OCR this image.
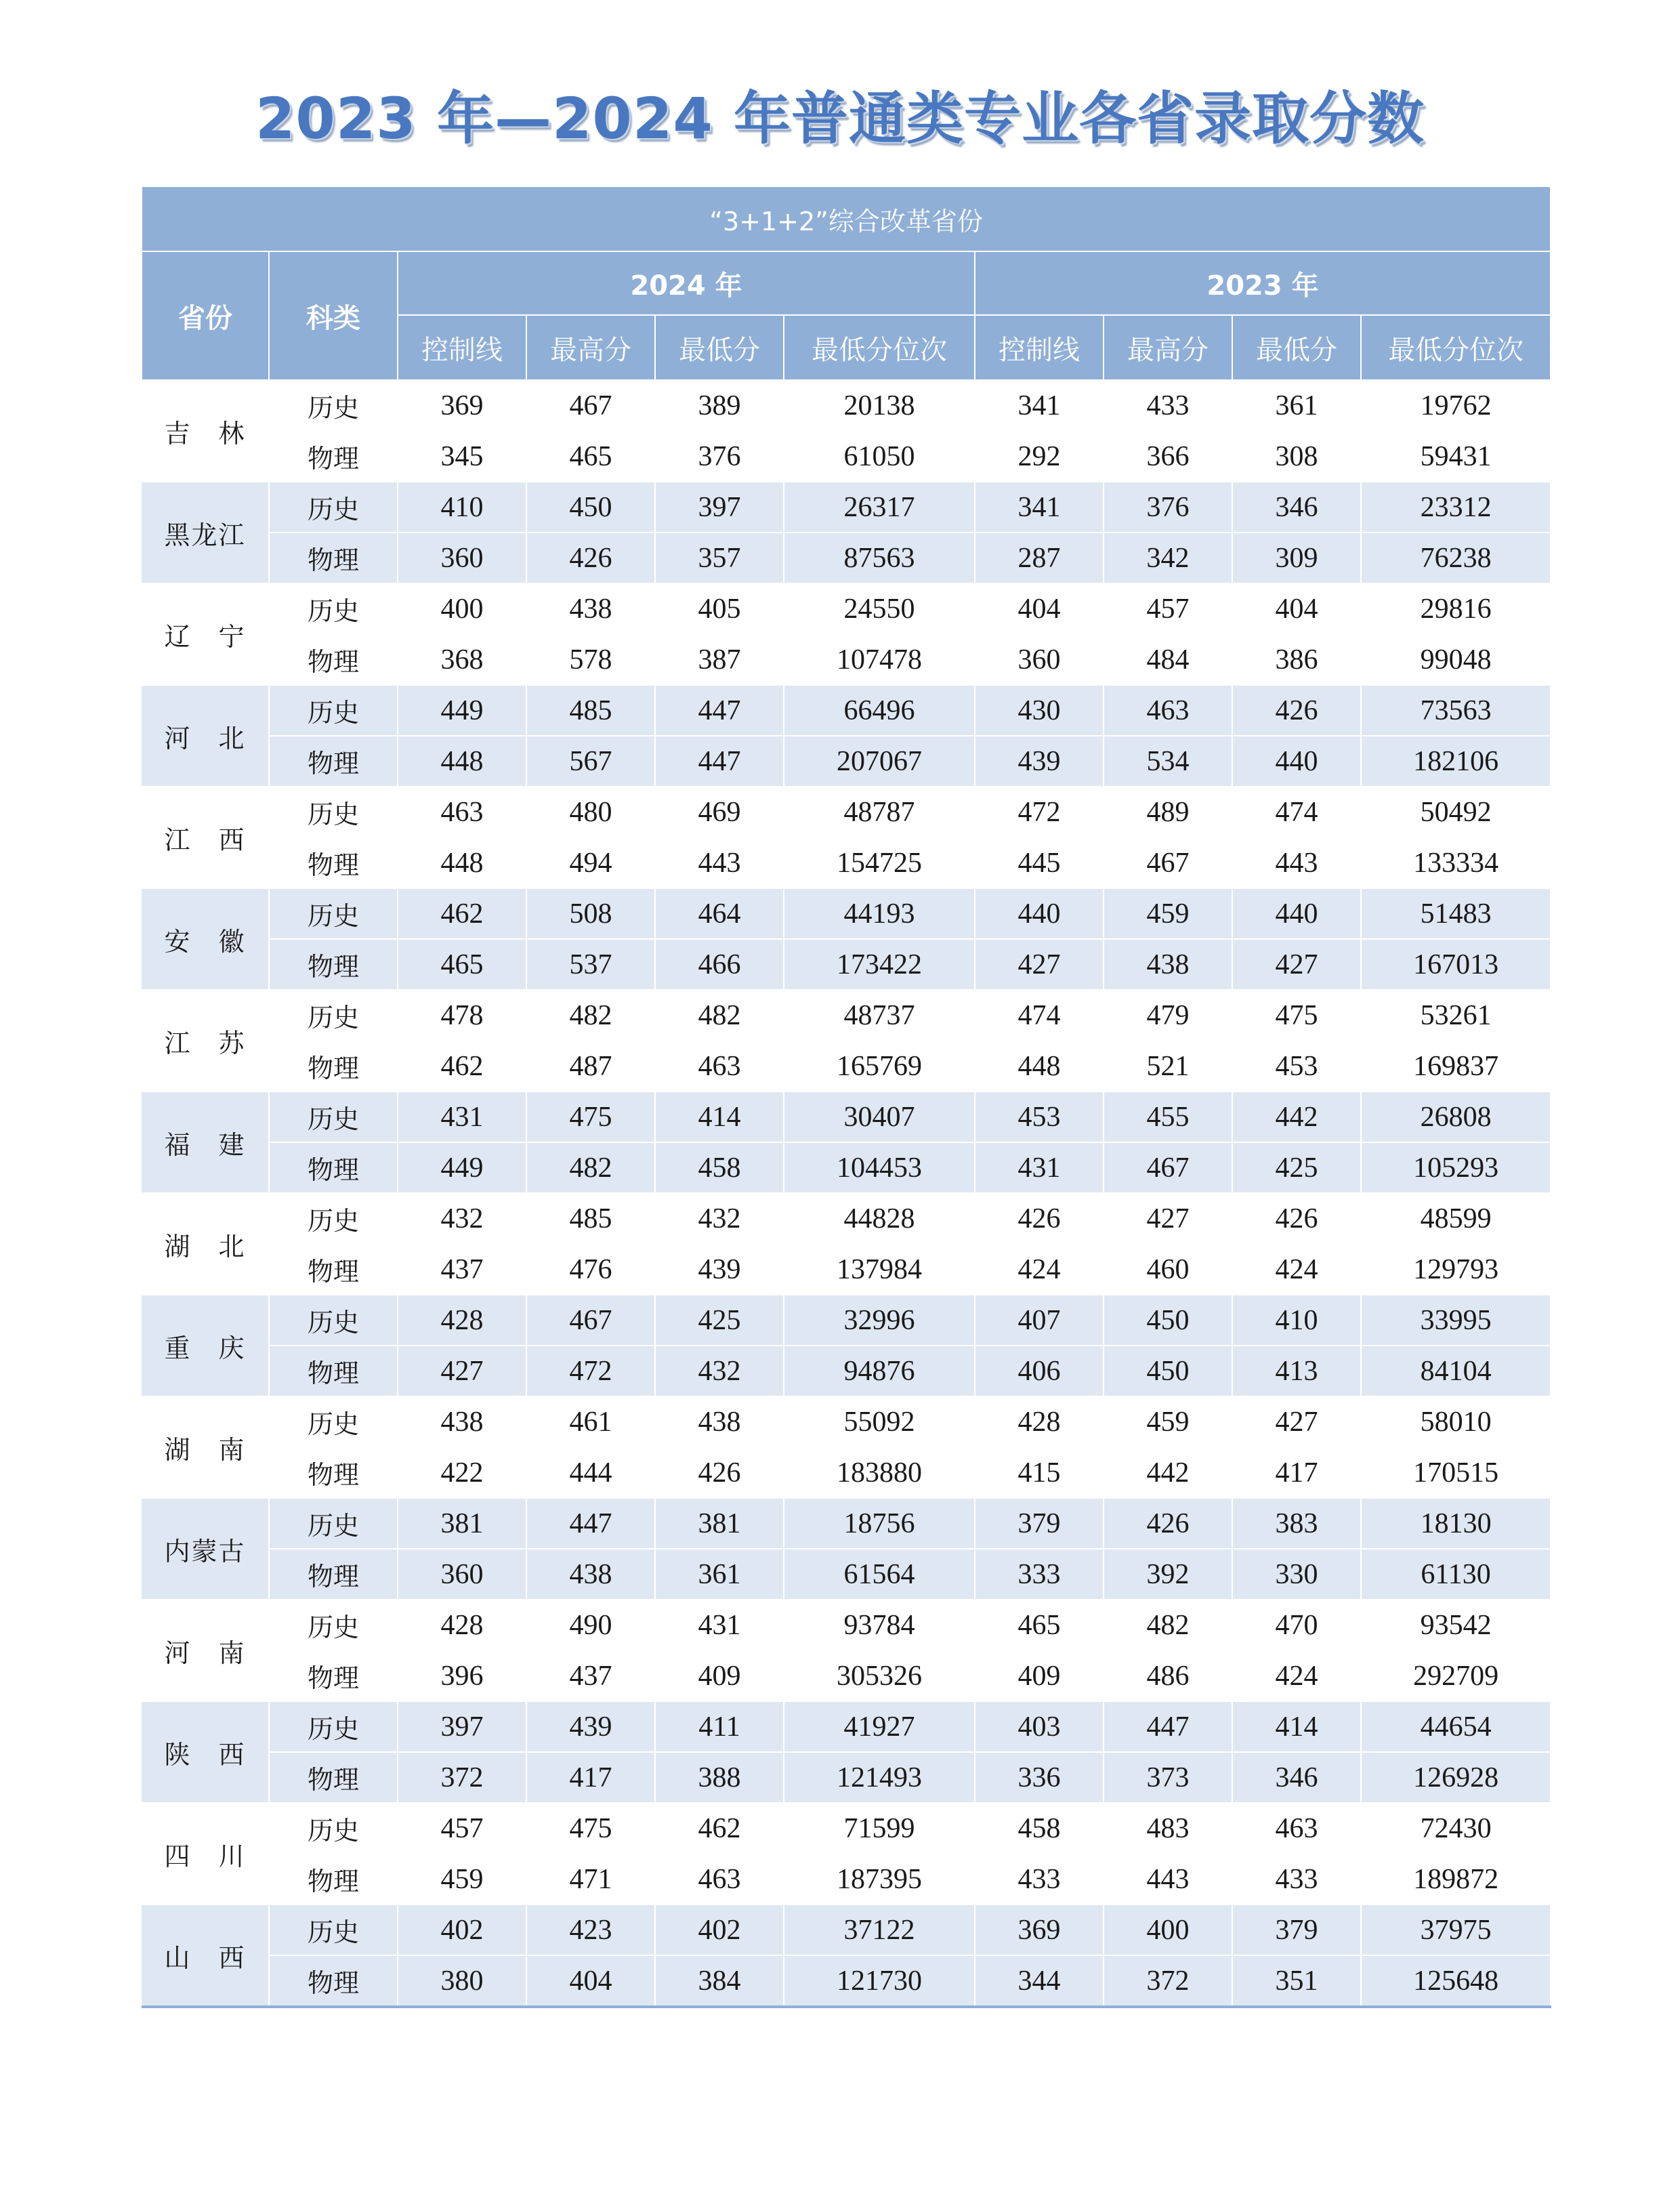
2023 年—2024 年普通类专业各省录取分数
“3+1+2”综合改革省份									
省份	科类	2024 年				2023 年			
		控制线	最高分	最低分	最低分位次	控制线	最高分	最低分	最低分位次
吉　林	历史	369	467	389	20138	341	433	361	19762
	物理	345	465	376	61050	292	366	308	59431
黑龙江	历史	410	450	397	26317	341	376	346	23312
	物理	360	426	357	87563	287	342	309	76238
辽　宁	历史	400	438	405	24550	404	457	404	29816
	物理	368	578	387	107478	360	484	386	99048
河　北	历史	449	485	447	66496	430	463	426	73563
	物理	448	567	447	207067	439	534	440	182106
江　西	历史	463	480	469	48787	472	489	474	50492
	物理	448	494	443	154725	445	467	443	133334
安　徽	历史	462	508	464	44193	440	459	440	51483
	物理	465	537	466	173422	427	438	427	167013
江　苏	历史	478	482	482	48737	474	479	475	53261
	物理	462	487	463	165769	448	521	453	169837
福　建	历史	431	475	414	30407	453	455	442	26808
	物理	449	482	458	104453	431	467	425	105293
湖　北	历史	432	485	432	44828	426	427	426	48599
	物理	437	476	439	137984	424	460	424	129793
重　庆	历史	428	467	425	32996	407	450	410	33995
	物理	427	472	432	94876	406	450	413	84104
湖　南	历史	438	461	438	55092	428	459	427	58010
	物理	422	444	426	183880	415	442	417	170515
内蒙古	历史	381	447	381	18756	379	426	383	18130
	物理	360	438	361	61564	333	392	330	61130
河　南	历史	428	490	431	93784	465	482	470	93542
	物理	396	437	409	305326	409	486	424	292709
陕　西	历史	397	439	411	41927	403	447	414	44654
	物理	372	417	388	121493	336	373	346	126928
四　川	历史	457	475	462	71599	458	483	463	72430
	物理	459	471	463	187395	433	443	433	189872
山　西	历史	402	423	402	37122	369	400	379	37975
	物理	380	404	384	121730	344	372	351	125648
